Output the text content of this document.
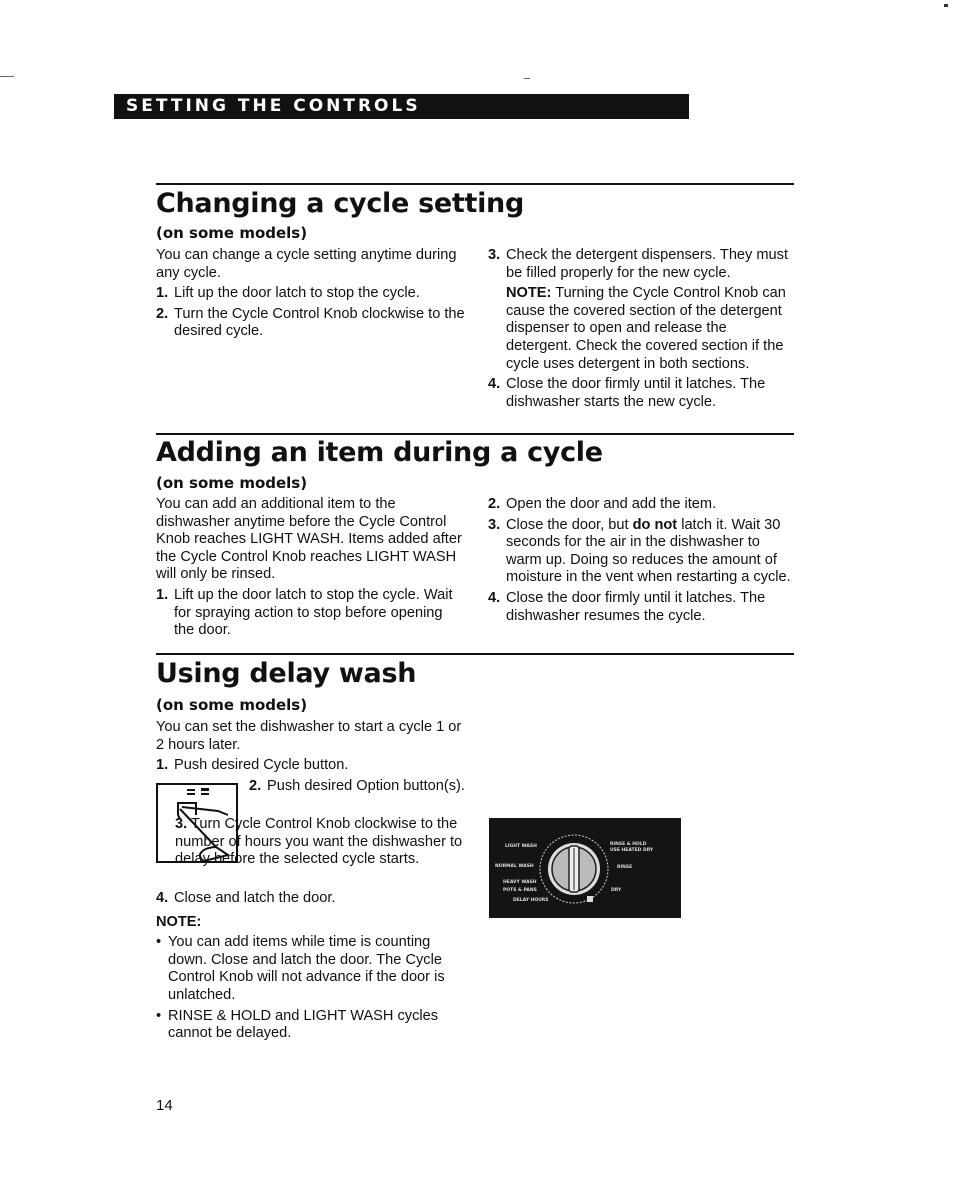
SETTING THE CONTROLS
Changing a cycle setting
(on some models)

You can change a cycle setting anytime during any cycle.

1. Lift up the door latch to stop the cycle.
2. Turn the Cycle Control Knob clockwise to the desired cycle.
3. Check the detergent dispensers. They must be filled properly for the new cycle.
NOTE: Turning the Cycle Control Knob can cause the covered section of the detergent dispenser to open and release the detergent. Check the covered section if the cycle uses detergent in both sections.
4. Close the door firmly until it latches. The dishwasher starts the new cycle.
Adding an item during a cycle
(on some models)

You can add an additional item to the dishwasher anytime before the Cycle Control Knob reaches LIGHT WASH. Items added after the Cycle Control Knob reaches LIGHT WASH will only be rinsed.

1. Lift up the door latch to stop the cycle. Wait for spraying action to stop before opening the door.
2. Open the door and add the item.
3. Close the door, but do not latch it. Wait 30 seconds for the air in the dishwasher to warm up. Doing so reduces the amount of moisture in the vent when restarting a cycle.
4. Close the door firmly until it latches. The dishwasher resumes the cycle.
Using delay wash
(on some models)

You can set the dishwasher to start a cycle 1 or 2 hours later.

1. Push desired Cycle button.
2. Push desired Option button(s).
3. Turn Cycle Control Knob clockwise to the number of hours you want the dishwasher to delay before the selected cycle starts.
4. Close and latch the door.

NOTE:

• You can add items while time is counting down. Close and latch the door. The Cycle Control Knob will not advance if the door is unlatched.
• RINSE & HOLD and LIGHT WASH cycles cannot be delayed.
LIGHT WASH
NORMAL WASH
HEAVY WASH
POTS & PANS
DELAY HOURS
RINSE & HOLD
USE HEATED DRY
RINSE
DRY
14
